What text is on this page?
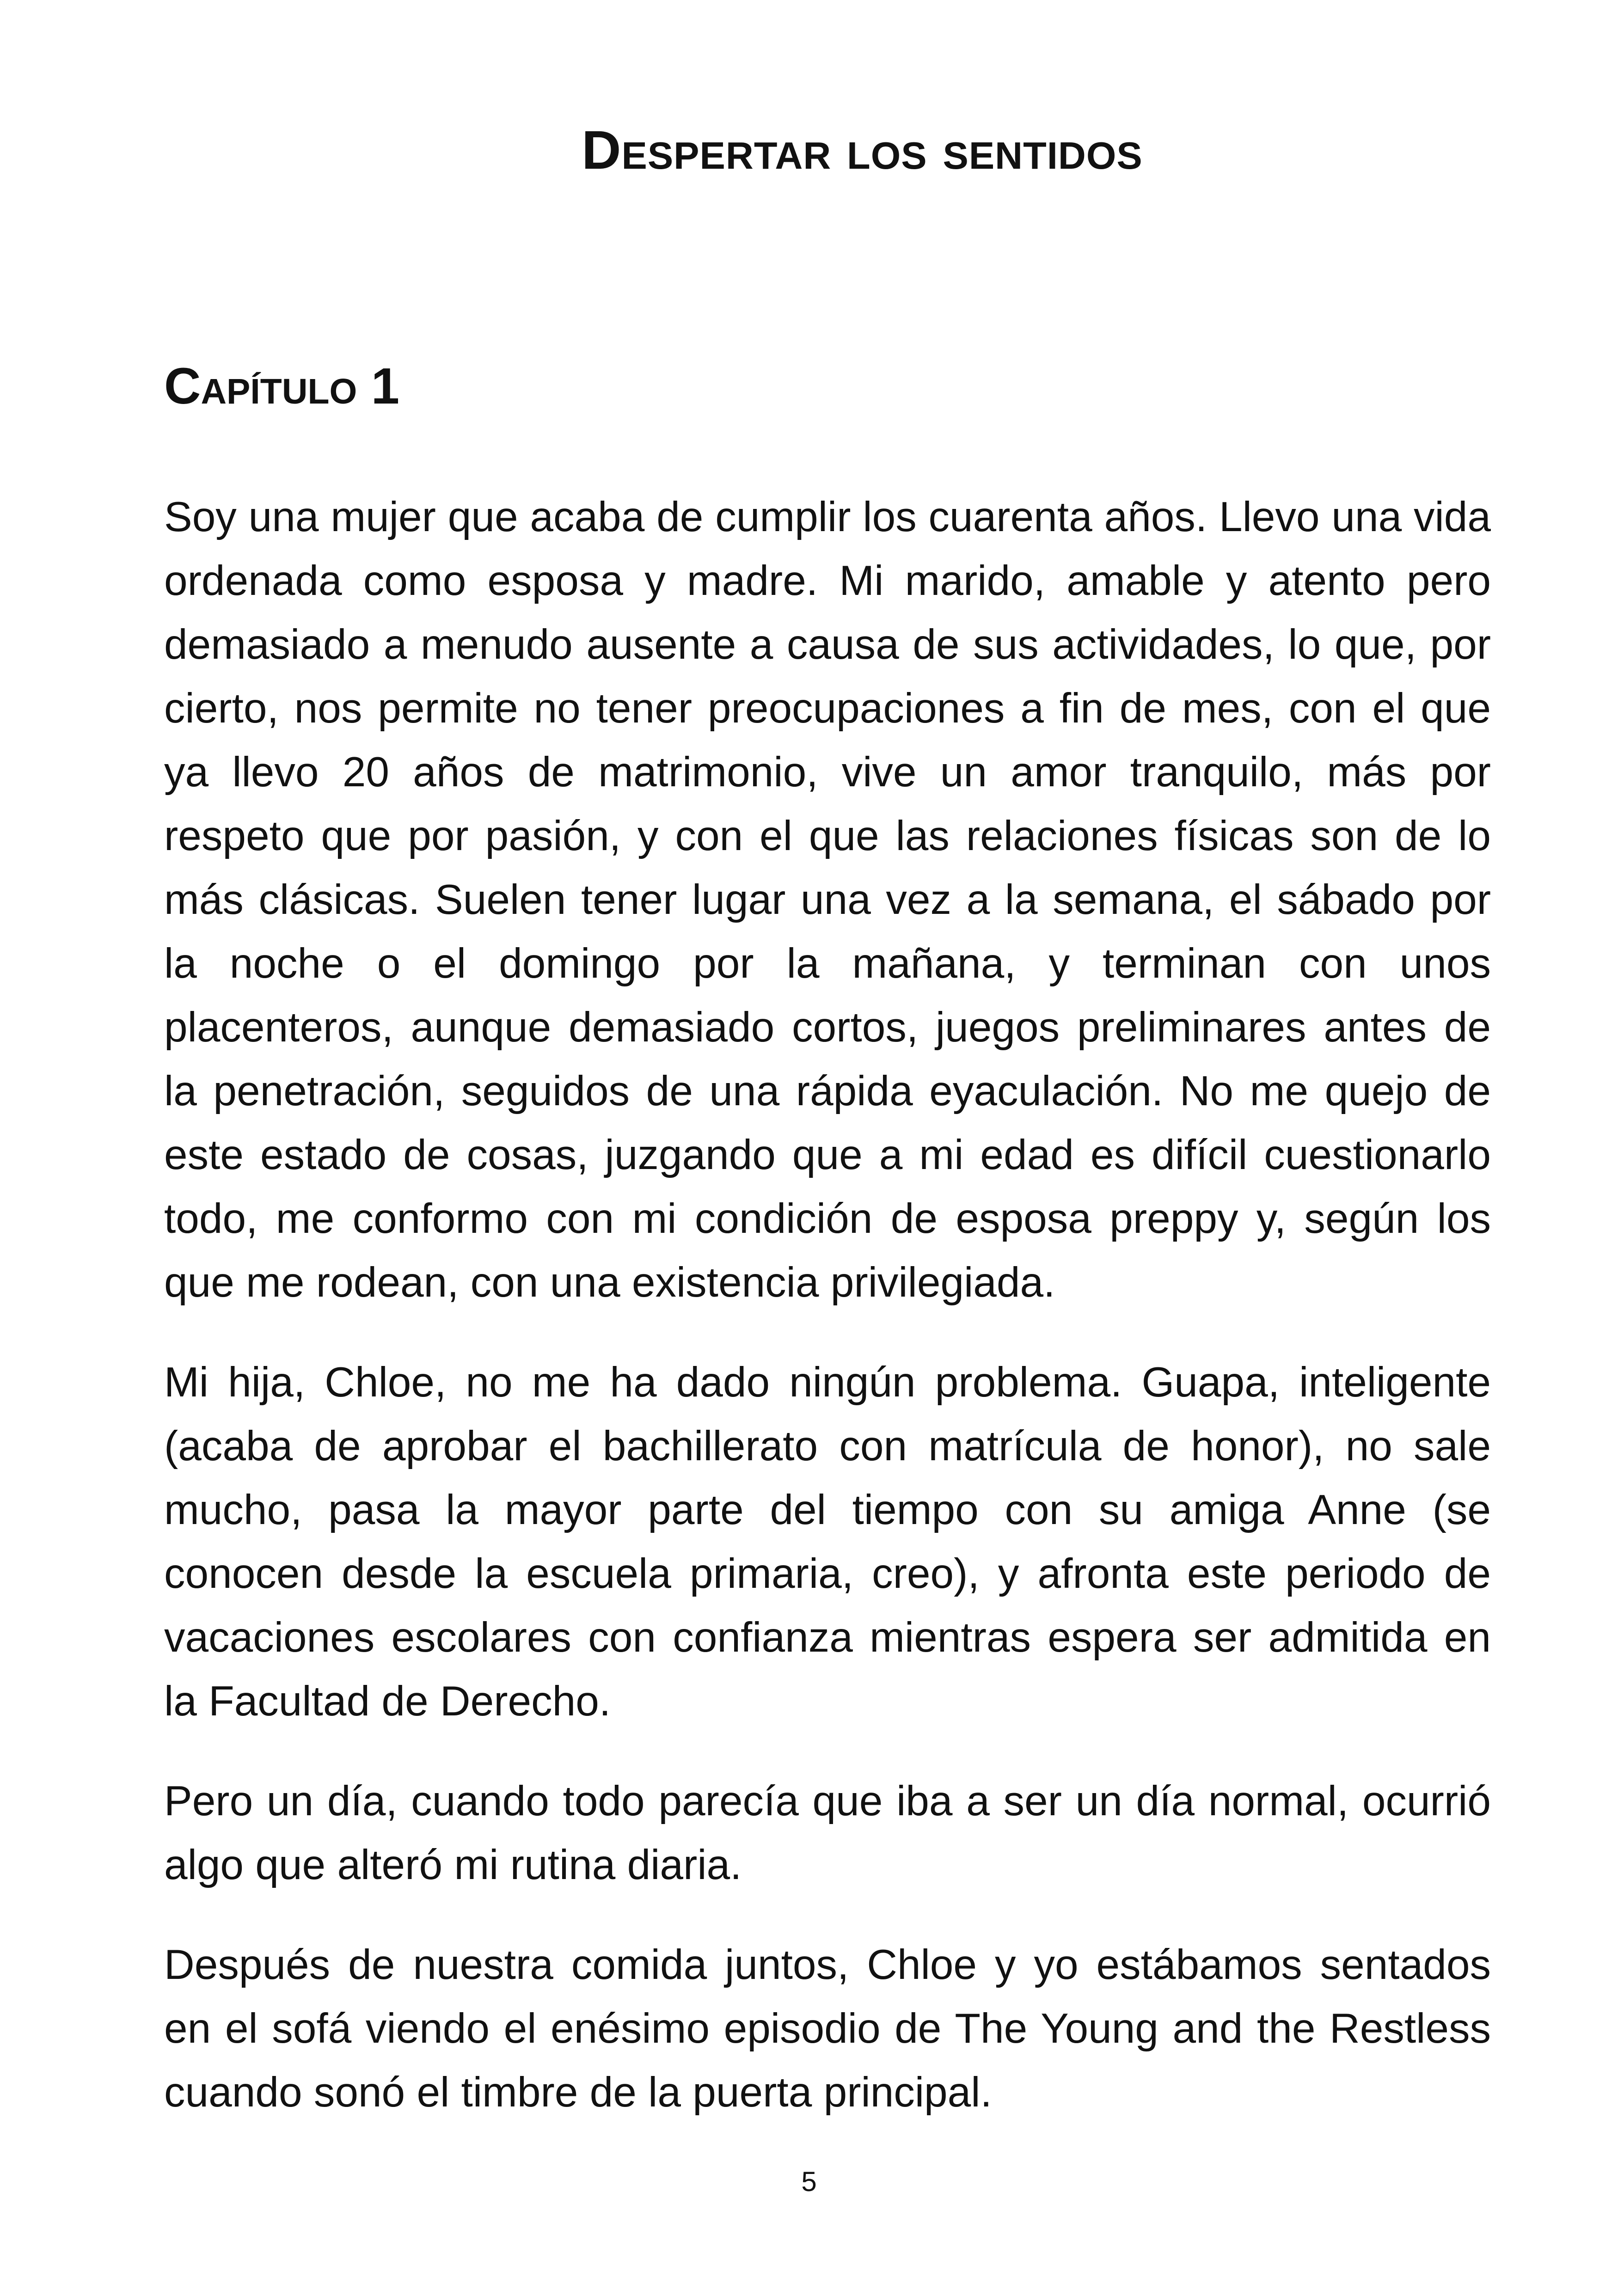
Despertar los sentidos
Capítulo 1

Soy una mujer que acaba de cumplir los cuarenta años. Llevo una vida ordenada como esposa y madre. Mi marido, amable y atento pero demasiado a menudo ausente a causa de sus actividades, lo que, por cierto, nos permite no tener preocupaciones a fin de mes, con el que ya llevo 20 años de matrimonio, vive un amor tranquilo, más por respeto que por pasión, y con el que las relaciones físicas son de lo más clásicas. Suelen tener lugar una vez a la semana, el sábado por la noche o el domingo por la mañana, y terminan con unos placenteros, aunque demasiado cortos, juegos preliminares antes de la penetración, seguidos de una rápida eyaculación. No me quejo de este estado de cosas, juzgando que a mi edad es difícil cuestionarlo todo, me conformo con mi condición de esposa preppy y, según los que me rodean, con una existencia privilegiada.

Mi hija, Chloe, no me ha dado ningún problema. Guapa, inteligente (acaba de aprobar el bachillerato con matrícula de honor), no sale mucho, pasa la mayor parte del tiempo con su amiga Anne (se conocen desde la escuela primaria, creo), y afronta este periodo de vacaciones escolares con confianza mientras espera ser admitida en la Facultad de Derecho.

Pero un día, cuando todo parecía que iba a ser un día normal, ocurrió algo que alteró mi rutina diaria.

Después de nuestra comida juntos, Chloe y yo estábamos sentados en el sofá viendo el enésimo episodio de The Young and the Restless cuando sonó el timbre de la puerta principal.

5
